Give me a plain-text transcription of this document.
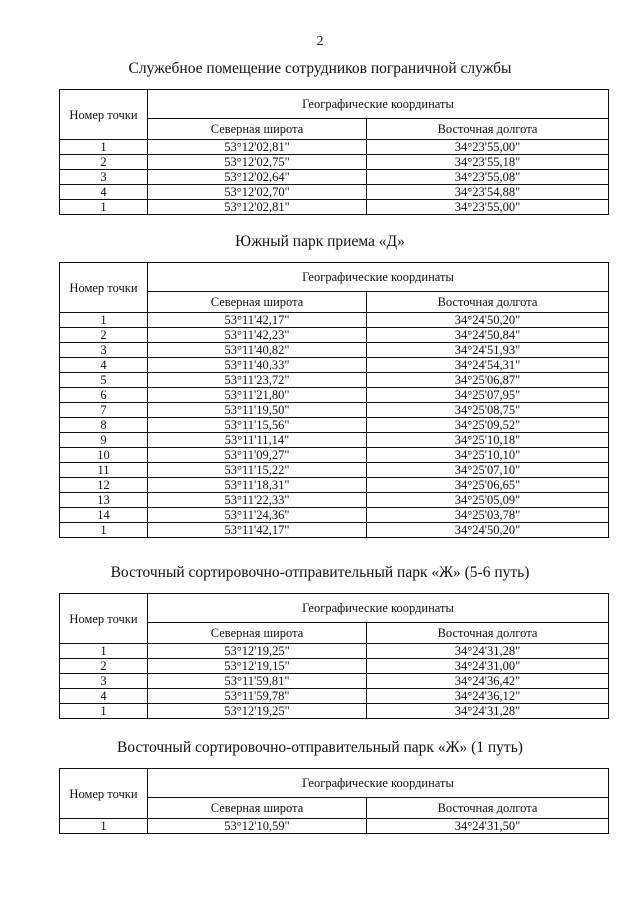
2
Служебное помещение сотрудников пограничной службы
Номер точки	Географические координаты	
	Северная широта	Восточная долгота
1	53°12'02,81"	34°23'55,00"
2	53°12'02,75"	34°23'55,18"
3	53°12'02,64"	34°23'55,08"
4	53°12'02,70"	34°23'54,88"
1	53°12'02,81"	34°23'55,00"
Южный парк приема «Д»
Номер точки	Географические координаты	
	Северная широта	Восточная долгота
1	53°11'42,17"	34°24'50,20"
2	53°11'42,23"	34°24'50,84"
3	53°11'40,82"	34°24'51,93"
4	53°11'40,33"	34°24'54,31"
5	53°11'23,72"	34°25'06,87"
6	53°11'21,80"	34°25'07,95"
7	53°11'19,50"	34°25'08,75"
8	53°11'15,56"	34°25'09,52"
9	53°11'11,14"	34°25'10,18"
10	53°11'09,27"	34°25'10,10"
11	53°11'15,22"	34°25'07,10"
12	53°11'18,31"	34°25'06,65"
13	53°11'22,33"	34°25'05,09"
14	53°11'24,36"	34°25'03,78"
1	53°11'42,17"	34°24'50,20"
Восточный сортировочно-отправительный парк «Ж» (5-6 путь)
Номер точки	Географические координаты	
	Северная широта	Восточная долгота
1	53°12'19,25"	34°24'31,28"
2	53°12'19,15"	34°24'31,00"
3	53°11'59,81"	34°24'36,42"
4	53°11'59,78"	34°24'36,12"
1	53°12'19,25"	34°24'31,28"
Восточный сортировочно-отправительный парк «Ж» (1 путь)
Номер точки	Географические координаты	
	Северная широта	Восточная долгота
1	53°12'10,59"	34°24'31,50"
